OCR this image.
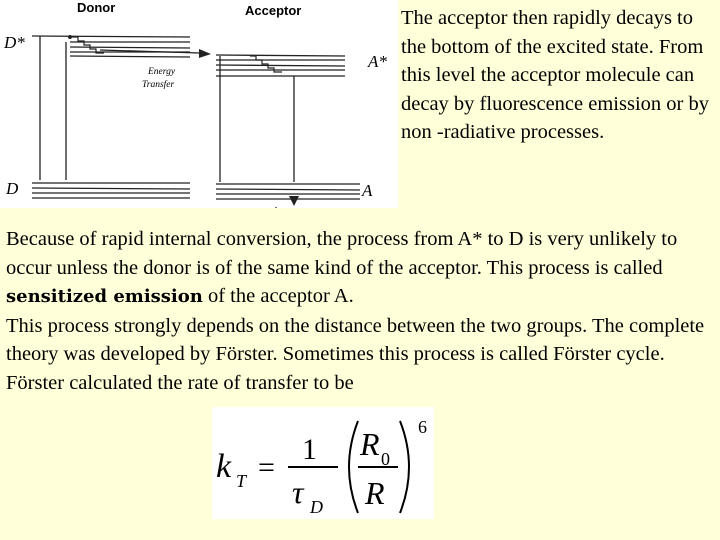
Donor	Acceptor
Energy
Transfer
D*
D
A*
A

The acceptor then rapidly decays to the bottom of the excited state. From this level the acceptor molecule can decay by fluorescence emission or by non -radiative processes.

Because of rapid internal conversion, the process from A* to D is very unlikely to occur unless the donor is of the same kind of the acceptor. This process is called sensitized emission of the acceptor A.

This process strongly depends on the distance between the two groups. The complete theory was developed by Förster. Sometimes this process is called Förster cycle. Förster calculated the rate of transfer to be

k T =
1
τ D
R 0
R
6
